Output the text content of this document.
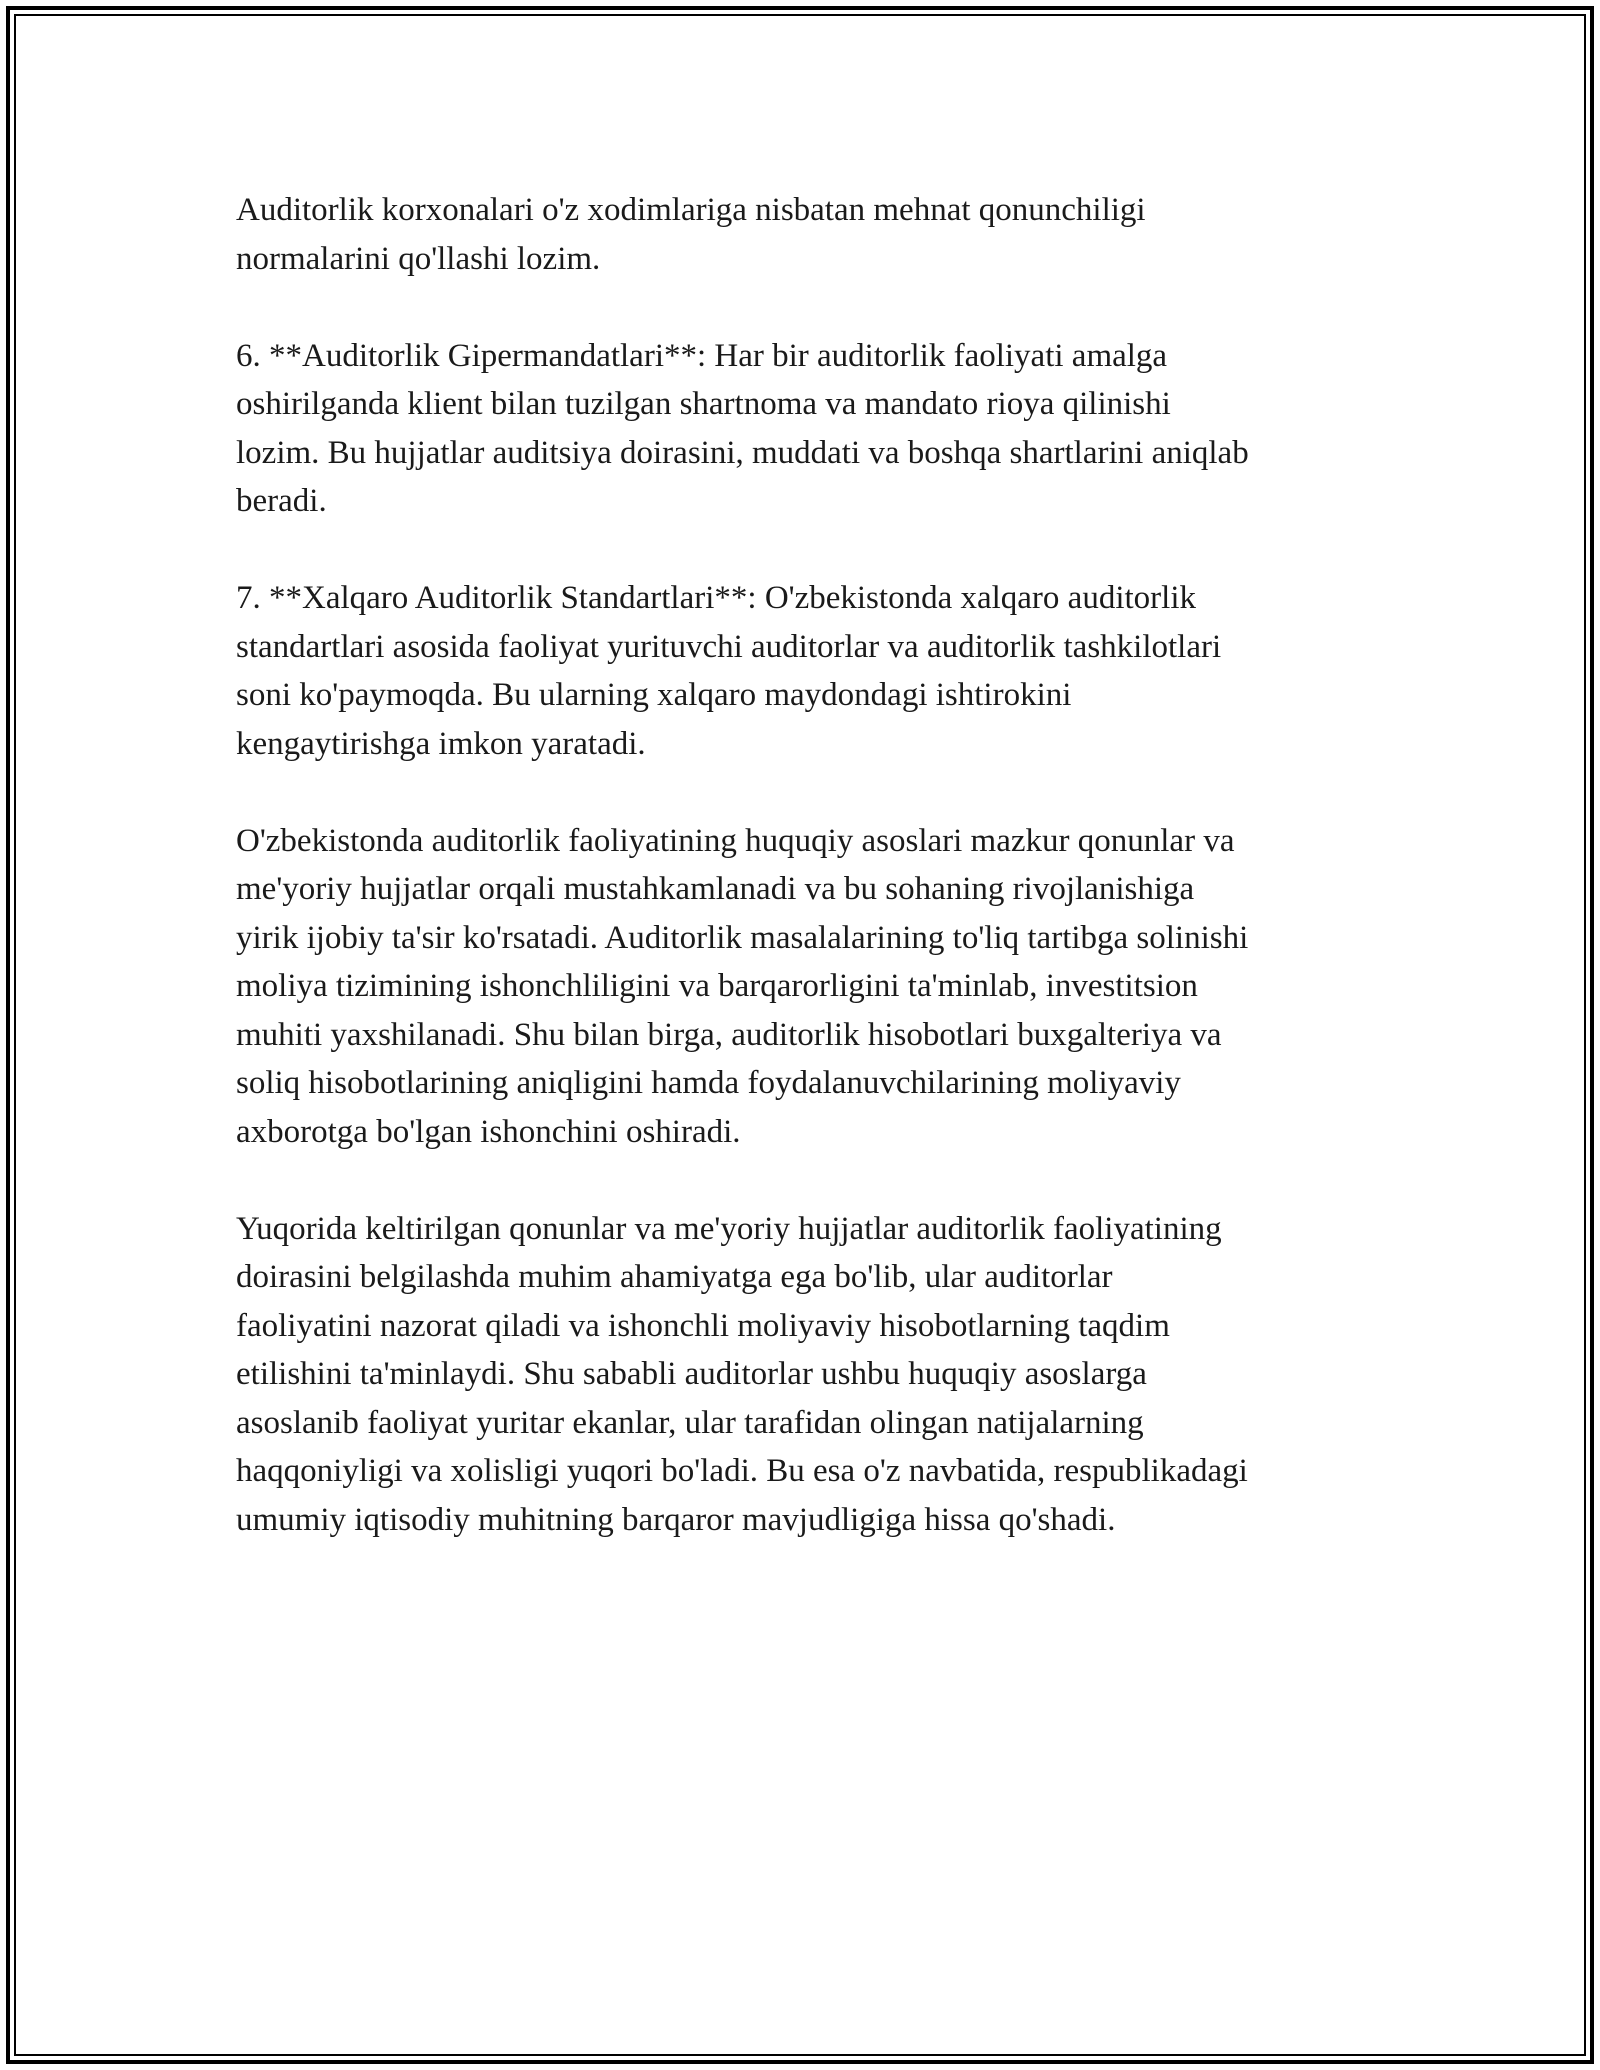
Auditorlik korxonalari o'z xodimlariga nisbatan mehnat qonunchiligi
normalarini qo'llashi lozim.

6. **Auditorlik Gipermandatlari**: Har bir auditorlik faoliyati amalga
oshirilganda klient bilan tuzilgan shartnoma va mandato rioya qilinishi
lozim. Bu hujjatlar auditsiya doirasini, muddati va boshqa shartlarini aniqlab
beradi.

7. **Xalqaro Auditorlik Standartlari**: O'zbekistonda xalqaro auditorlik
standartlari asosida faoliyat yurituvchi auditorlar va auditorlik tashkilotlari
soni ko'paymoqda. Bu ularning xalqaro maydondagi ishtirokini
kengaytirishga imkon yaratadi.

O'zbekistonda auditorlik faoliyatining huquqiy asoslari mazkur qonunlar va
me'yoriy hujjatlar orqali mustahkamlanadi va bu sohaning rivojlanishiga
yirik ijobiy ta'sir ko'rsatadi. Auditorlik masalalarining to'liq tartibga solinishi
moliya tizimining ishonchliligini va barqarorligini ta'minlab, investitsion
muhiti yaxshilanadi. Shu bilan birga, auditorlik hisobotlari buxgalteriya va
soliq hisobotlarining aniqligini hamda foydalanuvchilarining moliyaviy
axborotga bo'lgan ishonchini oshiradi.

Yuqorida keltirilgan qonunlar va me'yoriy hujjatlar auditorlik faoliyatining
doirasini belgilashda muhim ahamiyatga ega bo'lib, ular auditorlar
faoliyatini nazorat qiladi va ishonchli moliyaviy hisobotlarning taqdim
etilishini ta'minlaydi. Shu sababli auditorlar ushbu huquqiy asoslarga
asoslanib faoliyat yuritar ekanlar, ular tarafidan olingan natijalarning
haqqoniyligi va xolisligi yuqori bo'ladi. Bu esa o'z navbatida, respublikadagi
umumiy iqtisodiy muhitning barqaror mavjudligiga hissa qo'shadi.
